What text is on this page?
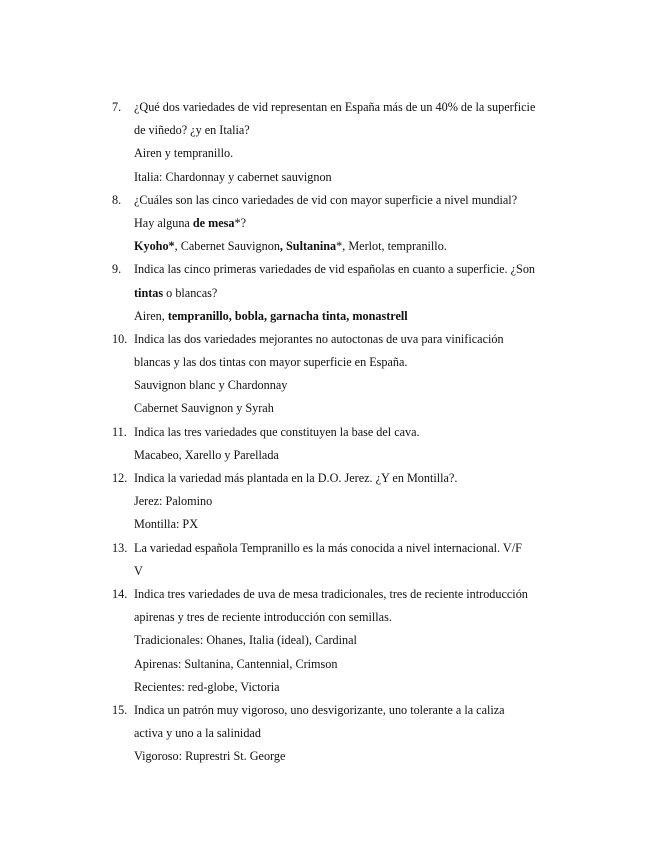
7. ¿Qué dos variedades de vid representan en España más de un 40% de la superficie
de viñedo? ¿y en Italia?
Airen y tempranillo.
Italia: Chardonnay y cabernet sauvignon
8. ¿Cuáles son las cinco variedades de vid con mayor superficie a nivel mundial?
Hay alguna de mesa*?
Kyoho*, Cabernet Sauvignon, Sultanina*, Merlot, tempranillo.
9. Indica las cinco primeras variedades de vid españolas en cuanto a superficie. ¿Son
tintas o blancas?
Airen, tempranillo, bobla, garnacha tinta, monastrell
10. Indica las dos variedades mejorantes no autoctonas de uva para vinificación
blancas y las dos tintas con mayor superficie en España.
Sauvignon blanc y Chardonnay
Cabernet Sauvignon y Syrah
11. Indica las tres variedades que constituyen la base del cava.
Macabeo, Xarello y Parellada
12. Indica la variedad más plantada en la D.O. Jerez. ¿Y en Montilla?.
Jerez: Palomino
Montilla: PX
13. La variedad española Tempranillo es la más conocida a nivel internacional. V/F
V
14. Indica tres variedades de uva de mesa tradicionales, tres de reciente introducción
apirenas y tres de reciente introducción con semillas.
Tradicionales: Ohanes, Italia (ideal), Cardinal
Apirenas: Sultanina, Cantennial, Crimson
Recientes: red-globe, Victoria
15. Indica un patrón muy vigoroso, uno desvigorizante, uno tolerante a la caliza
activa y uno a la salinidad
Vigoroso: Ruprestri St. George
